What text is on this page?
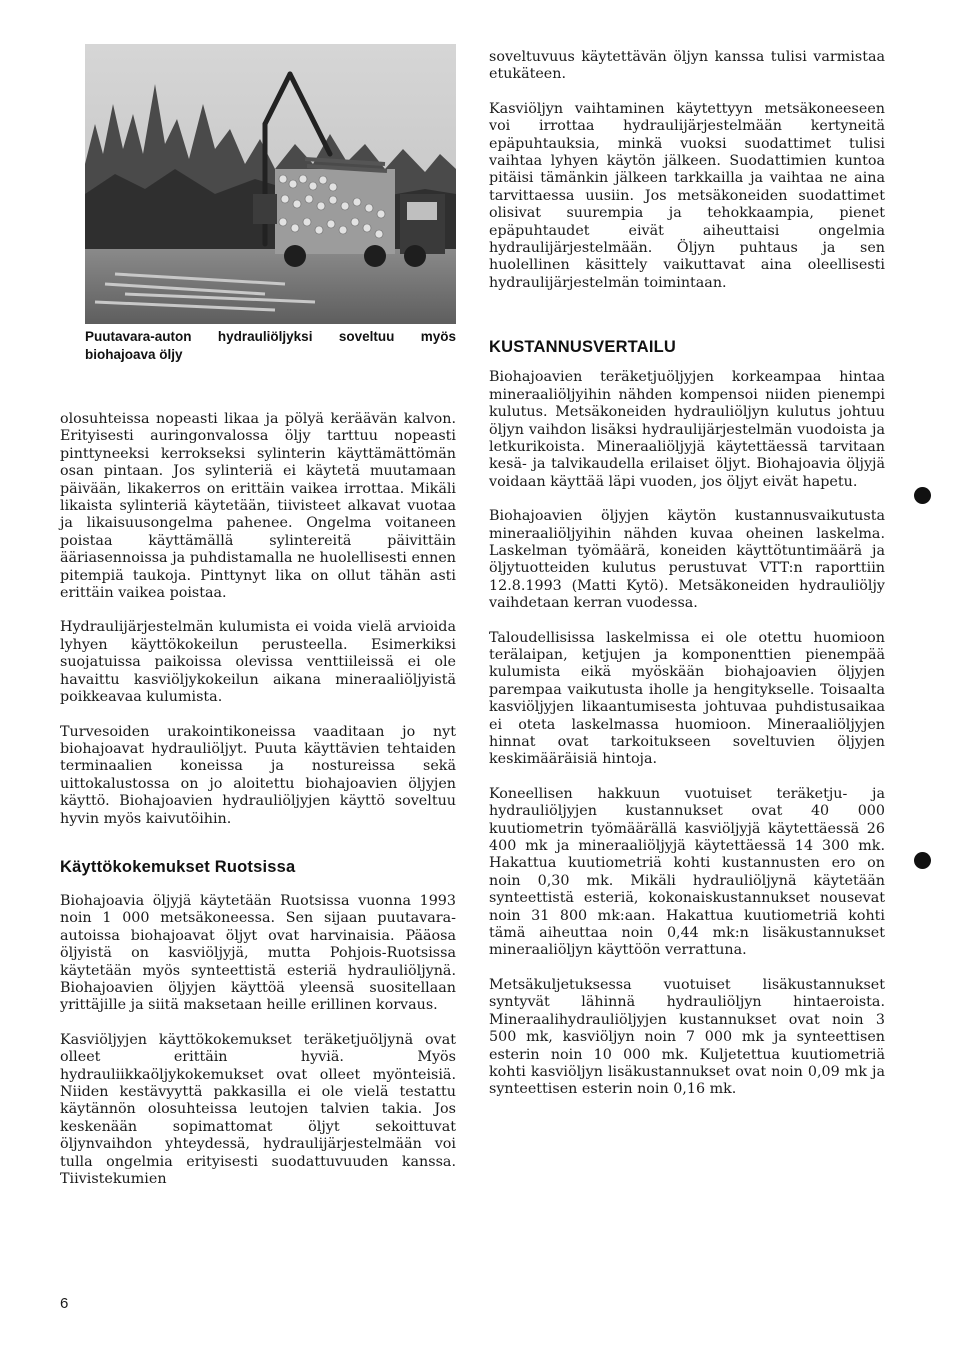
Puutavara-auton hydrauliöljyksi soveltuu myös biohajoava öljy

olosuhteissa nopeasti likaa ja pölyä keräävän kalvon. Erityisesti auringonvalossa öljy tarttuu nopeasti pinttyneeksi kerrokseksi sylinterin käyttämättömän osan pintaan. Jos sylinteriä ei käytetä muutamaan päivään, likakerros on erittäin vaikea irrottaa. Mikäli likaista sylinteriä käytetään, tiivisteet alkavat vuotaa ja likaisuusongelma pahenee. Ongelma voitaneen poistaa käyttämällä sylintereitä päivittäin ääriasennoissa ja puhdistamalla ne huolellisesti ennen pitempiä taukoja. Pinttynyt lika on ollut tähän asti erittäin vaikea poistaa.

Hydraulijärjestelmän kulumista ei voida vielä arvioida lyhyen käyttökokeilun perusteella. Esimerkiksi suojatuissa paikoissa olevissa venttiileissä ei ole havaittu kasviöljykokeilun aikana mineraaliöljyistä poikkeavaa kulumista.

Turvesoiden urakointikoneissa vaaditaan jo nyt biohajoavat hydrauliöljyt. Puuta käyttävien tehtaiden terminaalien koneissa ja nostureissa sekä uittokalustossa on jo aloitettu biohajoavien öljyjen käyttö. Biohajoavien hydrauliöljyjen käyttö soveltuu hyvin myös kaivutöihin.

Käyttökokemukset Ruotsissa

Biohajoavia öljyjä käytetään Ruotsissa vuonna 1993 noin 1 000 metsäkoneessa. Sen sijaan puutavara-autoissa biohajoavat öljyt ovat harvinaisia. Pääosa öljyistä on kasviöljyjä, mutta Pohjois-Ruotsissa käytetään myös synteettistä esteriä hydrauliöljynä. Biohajoavien öljyjen käyttöä yleensä suositellaan yrittäjille ja siitä maksetaan heille erillinen korvaus.

Kasviöljyjen käyttökokemukset teräketjuöljynä ovat olleet erittäin hyviä. Myös hydrauliikkaöljykokemukset ovat olleet myönteisiä. Niiden kestävyyttä pakkasilla ei ole vielä testattu käytännön olosuhteissa leutojen talvien takia. Jos keskenään sopimattomat öljyt sekoittuvat öljynvaihdon yhteydessä, hydraulijärjestelmään voi tulla ongelmia erityisesti suodattuvuuden kanssa. Tiivistekumien

soveltuvuus käytettävän öljyn kanssa tulisi varmistaa etukäteen.

Kasviöljyn vaihtaminen käytettyyn metsäkoneeseen voi irrottaa hydraulijärjestelmään kertyneitä epäpuhtauksia, minkä vuoksi suodattimet tulisi vaihtaa lyhyen käytön jälkeen. Suodattimien kuntoa pitäisi tämänkin jälkeen tarkkailla ja vaihtaa ne aina tarvittaessa uusiin. Jos metsäkoneiden suodattimet olisivat suurempia ja tehokkaampia, pienet epäpuhtaudet eivät aiheuttaisi ongelmia hydraulijärjestelmään. Öljyn puhtaus ja sen huolellinen käsittely vaikuttavat aina oleellisesti hydraulijärjestelmän toimintaan.

KUSTANNUSVERTAILU

Biohajoavien teräketjuöljyjen korkeampaa hintaa mineraaliöljyihin nähden kompensoi niiden pienempi kulutus. Metsäkoneiden hydrauliöljyn kulutus johtuu öljyn vaihdon lisäksi hydraulijärjestelmän vuodoista ja letkurikoista. Mineraaliöljyjä käytettäessä tarvitaan kesä- ja talvikaudella erilaiset öljyt. Biohajoavia öljyjä voidaan käyttää läpi vuoden, jos öljyt eivät hapetu.

Biohajoavien öljyjen käytön kustannusvaikutusta mineraaliöljyihin nähden kuvaa oheinen laskelma. Laskelman työmäärä, koneiden käyttötuntimäärä ja öljytuotteiden kulutus perustuvat VTT:n raporttiin 12.8.1993 (Matti Kytö). Metsäkoneiden hydrauliöljy vaihdetaan kerran vuodessa.

Taloudellisissa laskelmissa ei ole otettu huomioon terälaipan, ketjujen ja komponenttien pienempää kulumista eikä myöskään biohajoavien öljyjen parempaa vaikutusta iholle ja hengitykselle. Toisaalta kasviöljyjen likaantumisesta johtuvaa puhdistusaikaa ei oteta laskelmassa huomioon. Mineraaliöljyjen hinnat ovat tarkoitukseen soveltuvien öljyjen keskimääräisiä hintoja.

Koneellisen hakkuun vuotuiset teräketju- ja hydrauliöljyjen kustannukset ovat 40 000 kuutiometrin työmäärällä kasviöljyjä käytettäessä 26 400 mk ja mineraaliöljyjä käytettäessä 14 300 mk. Hakattua kuutiometriä kohti kustannusten ero on noin 0,30 mk. Mikäli hydrauliöljynä käytetään synteettistä esteriä, kokonaiskustannukset nousevat noin 31 800 mk:aan. Hakattua kuutiometriä kohti tämä aiheuttaa noin 0,44 mk:n lisäkustannukset mineraaliöljyn käyttöön verrattuna.

Metsäkuljetuksessa vuotuiset lisäkustannukset syntyvät lähinnä hydrauliöljyn hintaeroista. Mineraalihydrauliöljyjen kustannukset ovat noin 3 500 mk, kasviöljyn noin 7 000 mk ja synteettisen esterin noin 10 000 mk. Kuljetettua kuutiometriä kohti kasviöljyn lisäkustannukset ovat noin 0,09 mk ja synteettisen esterin noin 0,16 mk.

6
